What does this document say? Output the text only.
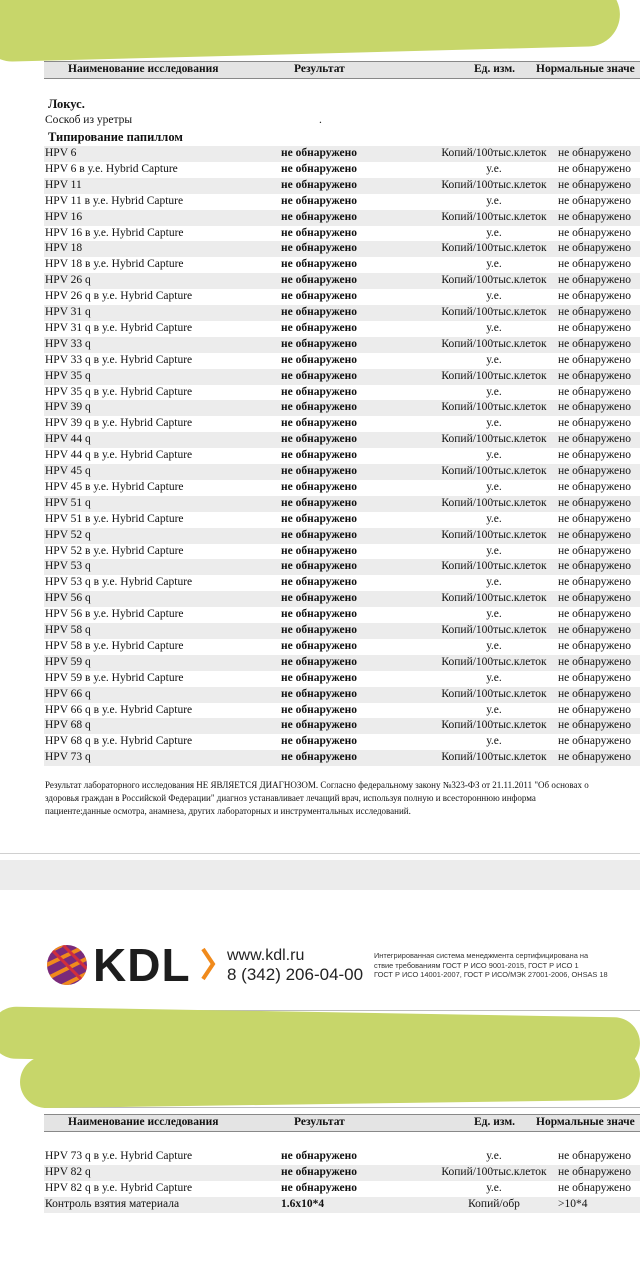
Наименование исследования	Результат	Ед. изм. Нормальные значе
Локус.
Соскоб из уретры	.
Типирование папиллом
HPV 6	не обнаружено	Копий/100тыс.клеток не обнаружено
HPV 6 в у.е. Hybrid Capture	не обнаружено	у.е.	не обнаружено
HPV 11	не обнаружено	Копий/100тыс.клеток не обнаружено
HPV 11 в у.е. Hybrid Capture	не обнаружено	у.е.	не обнаружено
HPV 16	не обнаружено	Копий/100тыс.клеток не обнаружено
HPV 16 в у.е. Hybrid Capture	не обнаружено	у.е.	не обнаружено
HPV 18	не обнаружено	Копий/100тыс.клеток не обнаружено
HPV 18 в у.е. Hybrid Capture	не обнаружено	у.е.	не обнаружено
HPV 26 q	не обнаружено	Копий/100тыс.клеток не обнаружено
HPV 26 q в у.е. Hybrid Capture	не обнаружено	у.е.	не обнаружено
HPV 31 q	не обнаружено	Копий/100тыс.клеток не обнаружено
HPV 31 q в у.е. Hybrid Capture	не обнаружено	у.е.	не обнаружено
HPV 33 q	не обнаружено	Копий/100тыс.клеток не обнаружено
HPV 33 q в у.е. Hybrid Capture	не обнаружено	у.е.	не обнаружено
HPV 35 q	не обнаружено	Копий/100тыс.клеток не обнаружено
HPV 35 q в у.е. Hybrid Capture	не обнаружено	у.е.	не обнаружено
HPV 39 q	не обнаружено	Копий/100тыс.клеток не обнаружено
HPV 39 q в у.е. Hybrid Capture	не обнаружено	у.е.	не обнаружено
HPV 44 q	не обнаружено	Копий/100тыс.клеток не обнаружено
HPV 44 q в у.е. Hybrid Capture	не обнаружено	у.е.	не обнаружено
HPV 45 q	не обнаружено	Копий/100тыс.клеток не обнаружено
HPV 45 в у.е. Hybrid Capture	не обнаружено	у.е.	не обнаружено
HPV 51 q	не обнаружено	Копий/100тыс.клеток не обнаружено
HPV 51 в у.е. Hybrid Capture	не обнаружено	у.е.	не обнаружено
HPV 52 q	не обнаружено	Копий/100тыс.клеток не обнаружено
HPV 52 в у.е. Hybrid Capture	не обнаружено	у.е.	не обнаружено
HPV 53 q	не обнаружено	Копий/100тыс.клеток не обнаружено
HPV 53 q в у.е. Hybrid Capture	не обнаружено	у.е.	не обнаружено
HPV 56 q	не обнаружено	Копий/100тыс.клеток не обнаружено
HPV 56 в у.е. Hybrid Capture	не обнаружено	у.е.	не обнаружено
HPV 58 q	не обнаружено	Копий/100тыс.клеток не обнаружено
HPV 58 в у.е. Hybrid Capture	не обнаружено	у.е.	не обнаружено
HPV 59 q	не обнаружено	Копий/100тыс.клеток не обнаружено
HPV 59 в у.е. Hybrid Capture	не обнаружено	у.е.	не обнаружено
HPV 66 q	не обнаружено	Копий/100тыс.клеток не обнаружено
HPV 66 q в у.е. Hybrid Capture	не обнаружено	у.е.	не обнаружено
HPV 68 q	не обнаружено	Копий/100тыс.клеток не обнаружено
HPV 68 q в у.е. Hybrid Capture	не обнаружено	у.е.	не обнаружено
HPV 73 q	не обнаружено	Копий/100тыс.клеток не обнаружено
Результат лабораторного исследования НЕ ЯВЛЯЕТСЯ ДИАГНОЗОМ. Согласно федеральному закону №323-ФЗ от 21.11.2011 "Об основах о
здоровья граждан в Российской Федерации" диагноз устанавливает лечащий врач, используя полную и всестороннюю информа
пациенте:данные осмотра, анамнеза, других лабораторных и инструментальных исследований.
KDL www.kdl.ru
8 (342) 206-04-00
Интегрированная система менеджмента сертифицирована на
ствие требованиям ГОСТ Р ИСО 9001-2015, ГОСТ Р ИСО 1
ГОСТ Р ИСО 14001-2007, ГОСТ Р ИСО/МЭК 27001-2006, OHSAS 18
Наименование исследования	Результат	Ед. изм. Нормальные значе
HPV 73 q в у.е. Hybrid Capture	не обнаружено	у.е.	не обнаружено
HPV 82 q	не обнаружено	Копий/100тыс.клеток не обнаружено
HPV 82 q в у.е. Hybrid Capture	не обнаружено	у.е.	не обнаружено
Контроль взятия материала	1.6x10*4	Копий/обр	>10*4
